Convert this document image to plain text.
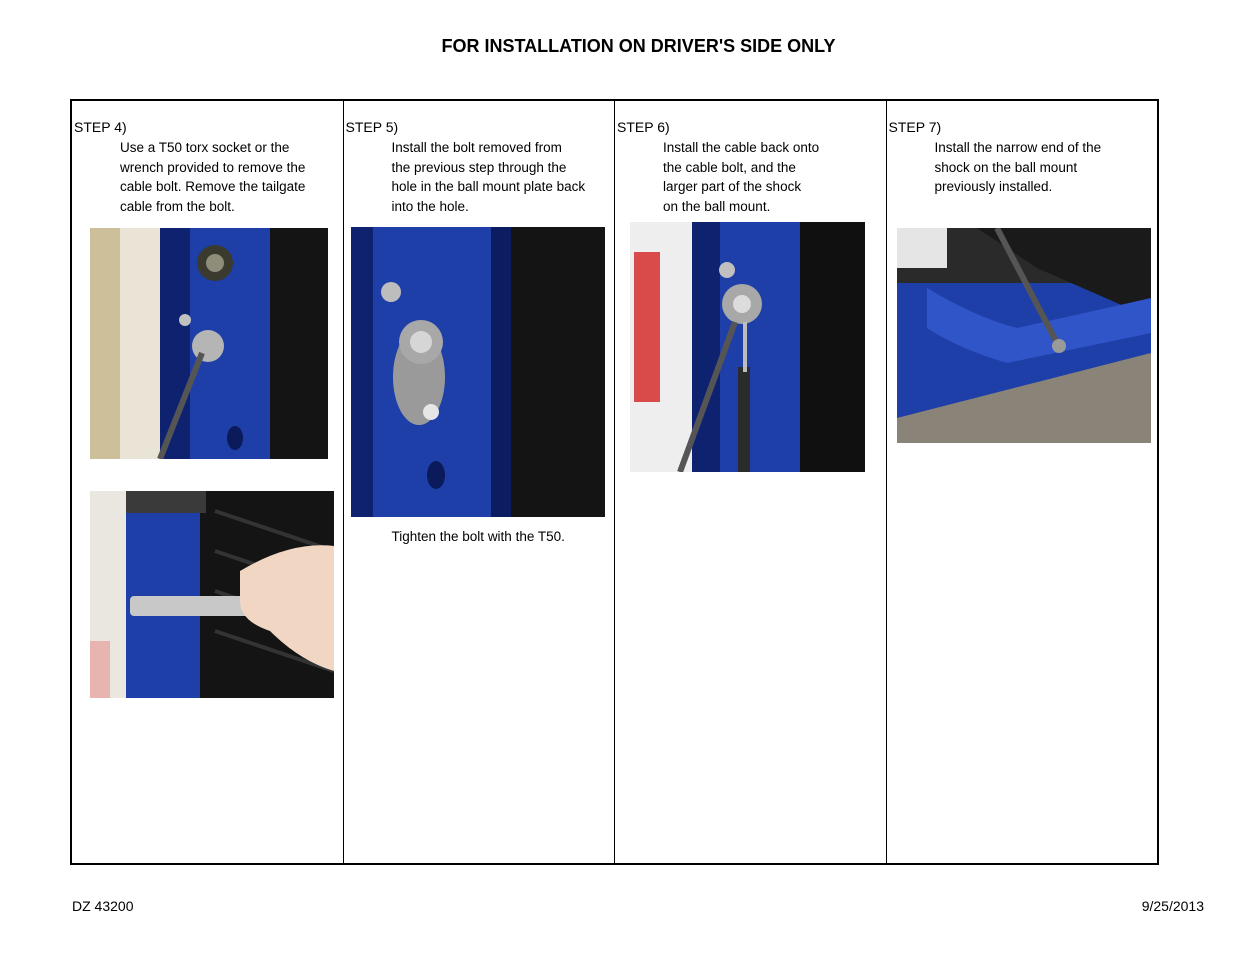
FOR INSTALLATION ON DRIVER'S SIDE ONLY
STEP 4)
Use a T50 torx socket or the
wrench provided to remove the
cable bolt. Remove the tailgate
cable from the bolt.
STEP 5)
Install the bolt removed from
the previous step through the
hole in the ball mount plate back
into the hole.
Tighten the bolt with the T50.
STEP 6)
Install the cable back onto
the cable bolt, and the
larger part of the shock
on the ball mount.
STEP 7)
Install the narrow end of the
shock on the ball mount
previously installed.
DZ 43200	9/25/2013
